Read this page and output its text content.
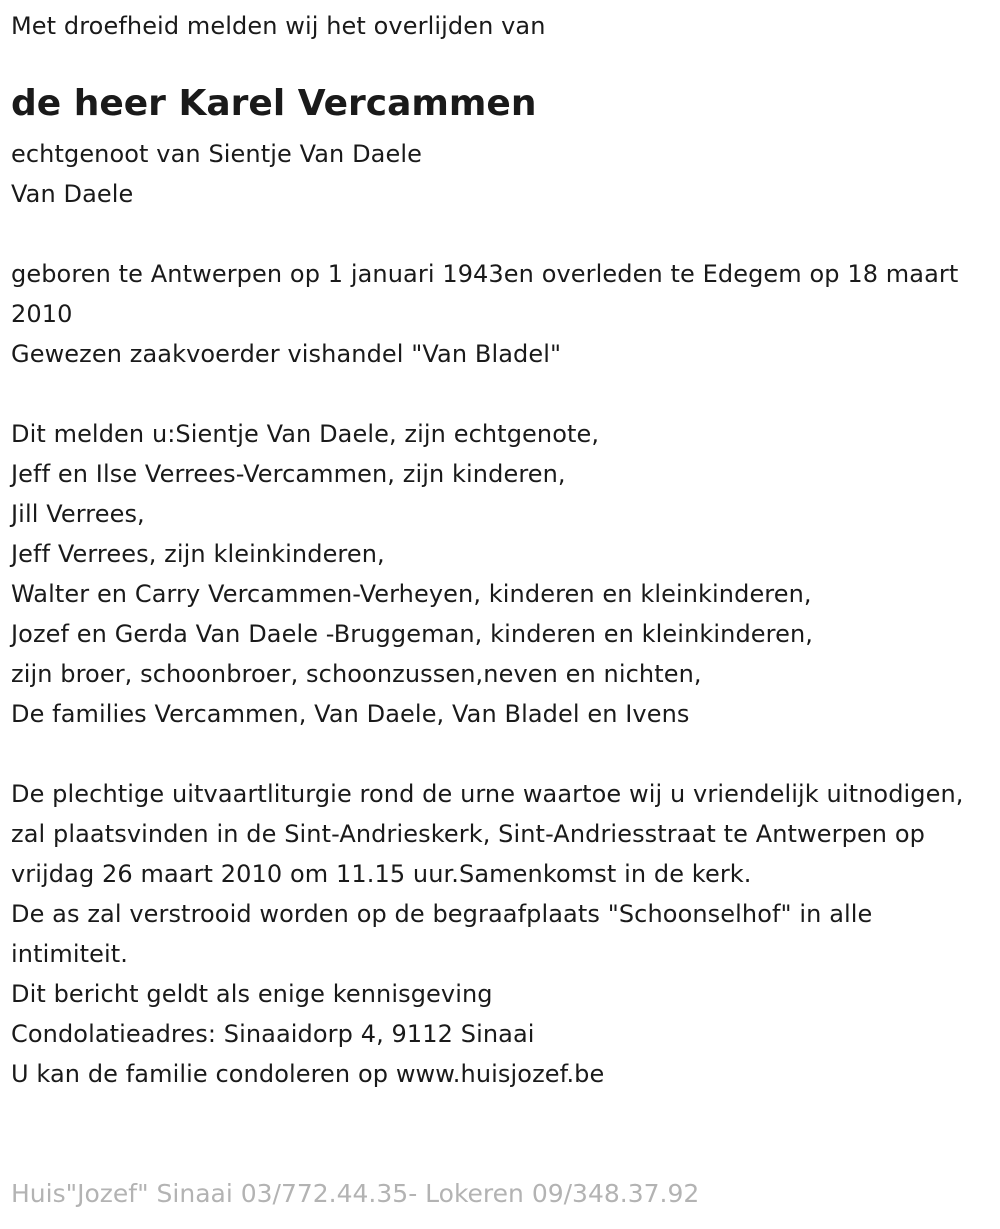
Met droefheid melden wij het overlijden van
de heer Karel Vercammen
echtgenoot van Sientje Van Daele
Van Daele
geboren te Antwerpen op 1 januari 1943en overleden te Edegem op 18 maart 2010
Gewezen zaakvoerder vishandel "Van Bladel"
Dit melden u:Sientje Van Daele, zijn echtgenote,
Jeff en Ilse Verrees-Vercammen, zijn kinderen,
Jill Verrees,
Jeff Verrees, zijn kleinkinderen,
Walter en Carry Vercammen-Verheyen, kinderen en kleinkinderen,
Jozef en Gerda Van Daele -Bruggeman, kinderen en kleinkinderen,
zijn broer, schoonbroer, schoonzussen,neven en nichten,
De families Vercammen, Van Daele, Van Bladel en Ivens
De plechtige uitvaartliturgie rond de urne waartoe wij u vriendelijk uitnodigen, zal plaatsvinden in de Sint-Andrieskerk, Sint-Andriesstraat te Antwerpen op vrijdag 26 maart 2010 om 11.15 uur.Samenkomst in de kerk.
De as zal verstrooid worden op de begraafplaats "Schoonselhof" in alle intimiteit.
Dit bericht geldt als enige kennisgeving
Condolatieadres: Sinaaidorp 4, 9112 Sinaai
U kan de familie condoleren op www.huisjozef.be
Huis"Jozef" Sinaai 03/772.44.35- Lokeren 09/348.37.92
